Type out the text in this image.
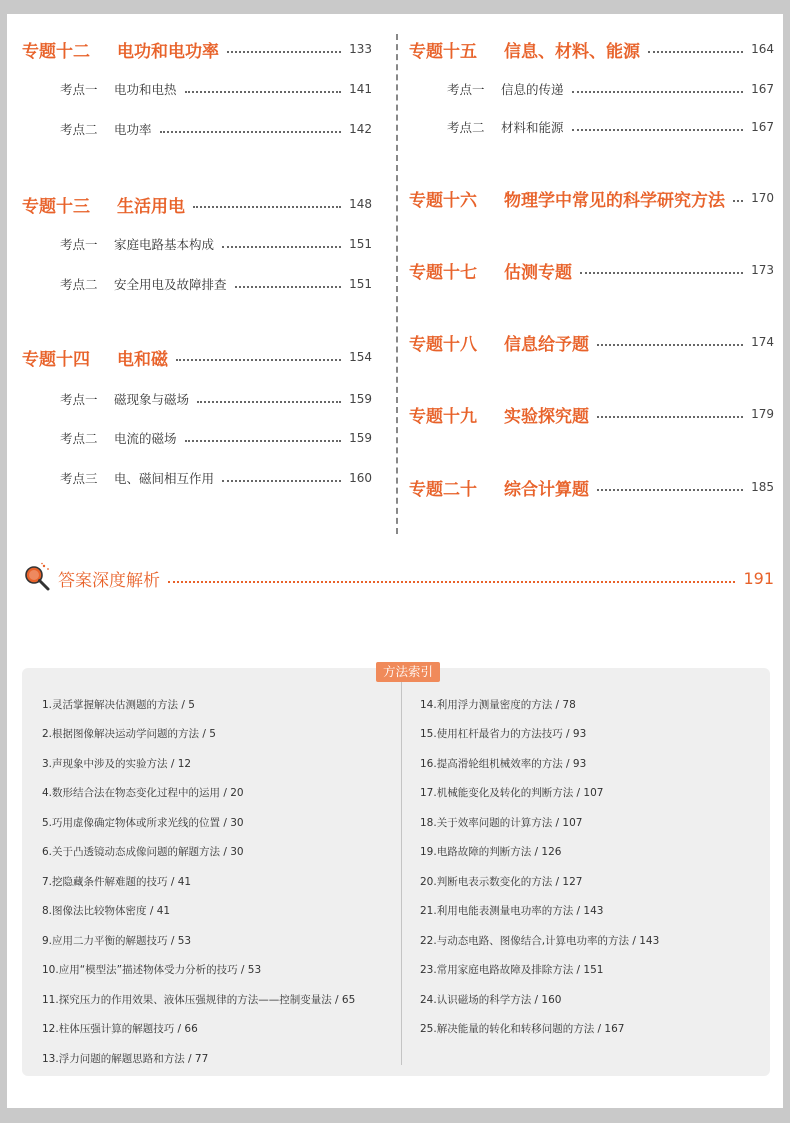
专题十二	电功和电功率	133
考点一	电功和电热	141
考点二	电功率	142
专题十三	生活用电	148
考点一	家庭电路基本构成	151
考点二	安全用电及故障排查	151
专题十四	电和磁	154
考点一	磁现象与磁场	159
考点二	电流的磁场	159
考点三	电、磁间相互作用	160
专题十五	信息、材料、能源	164
考点一	信息的传递	167
考点二	材料和能源	167
专题十六	物理学中常见的科学研究方法 170
专题十七	估测专题	173
专题十八	信息给予题	174
专题十九	实验探究题	179
专题二十	综合计算题	185
答案深度解析	191
方法索引
1.灵活掌握解决估测题的方法 / 5
2.根据图像解决运动学问题的方法 / 5
3.声现象中涉及的实验方法 / 12
4.数形结合法在物态变化过程中的运用 / 20
5.巧用虚像确定物体或所求光线的位置 / 30
6.关于凸透镜动态成像问题的解题方法 / 30
7.挖隐藏条件解难题的技巧 / 41
8.图像法比较物体密度 / 41
9.应用二力平衡的解题技巧 / 53
10.应用“模型法”描述物体受力分析的技巧 / 53
11.探究压力的作用效果、液体压强规律的方法——控制变量法 / 65
12.柱体压强计算的解题技巧 / 66
13.浮力问题的解题思路和方法 / 77
14.利用浮力测量密度的方法 / 78
15.使用杠杆最省力的方法技巧 / 93
16.提高滑轮组机械效率的方法 / 93
17.机械能变化及转化的判断方法 / 107
18.关于效率问题的计算方法 / 107
19.电路故障的判断方法 / 126
20.判断电表示数变化的方法 / 127
21.利用电能表测量电功率的方法 / 143
22.与动态电路、图像结合,计算电功率的方法 / 143
23.常用家庭电路故障及排除方法 / 151
24.认识磁场的科学方法 / 160
25.解决能量的转化和转移问题的方法 / 167
